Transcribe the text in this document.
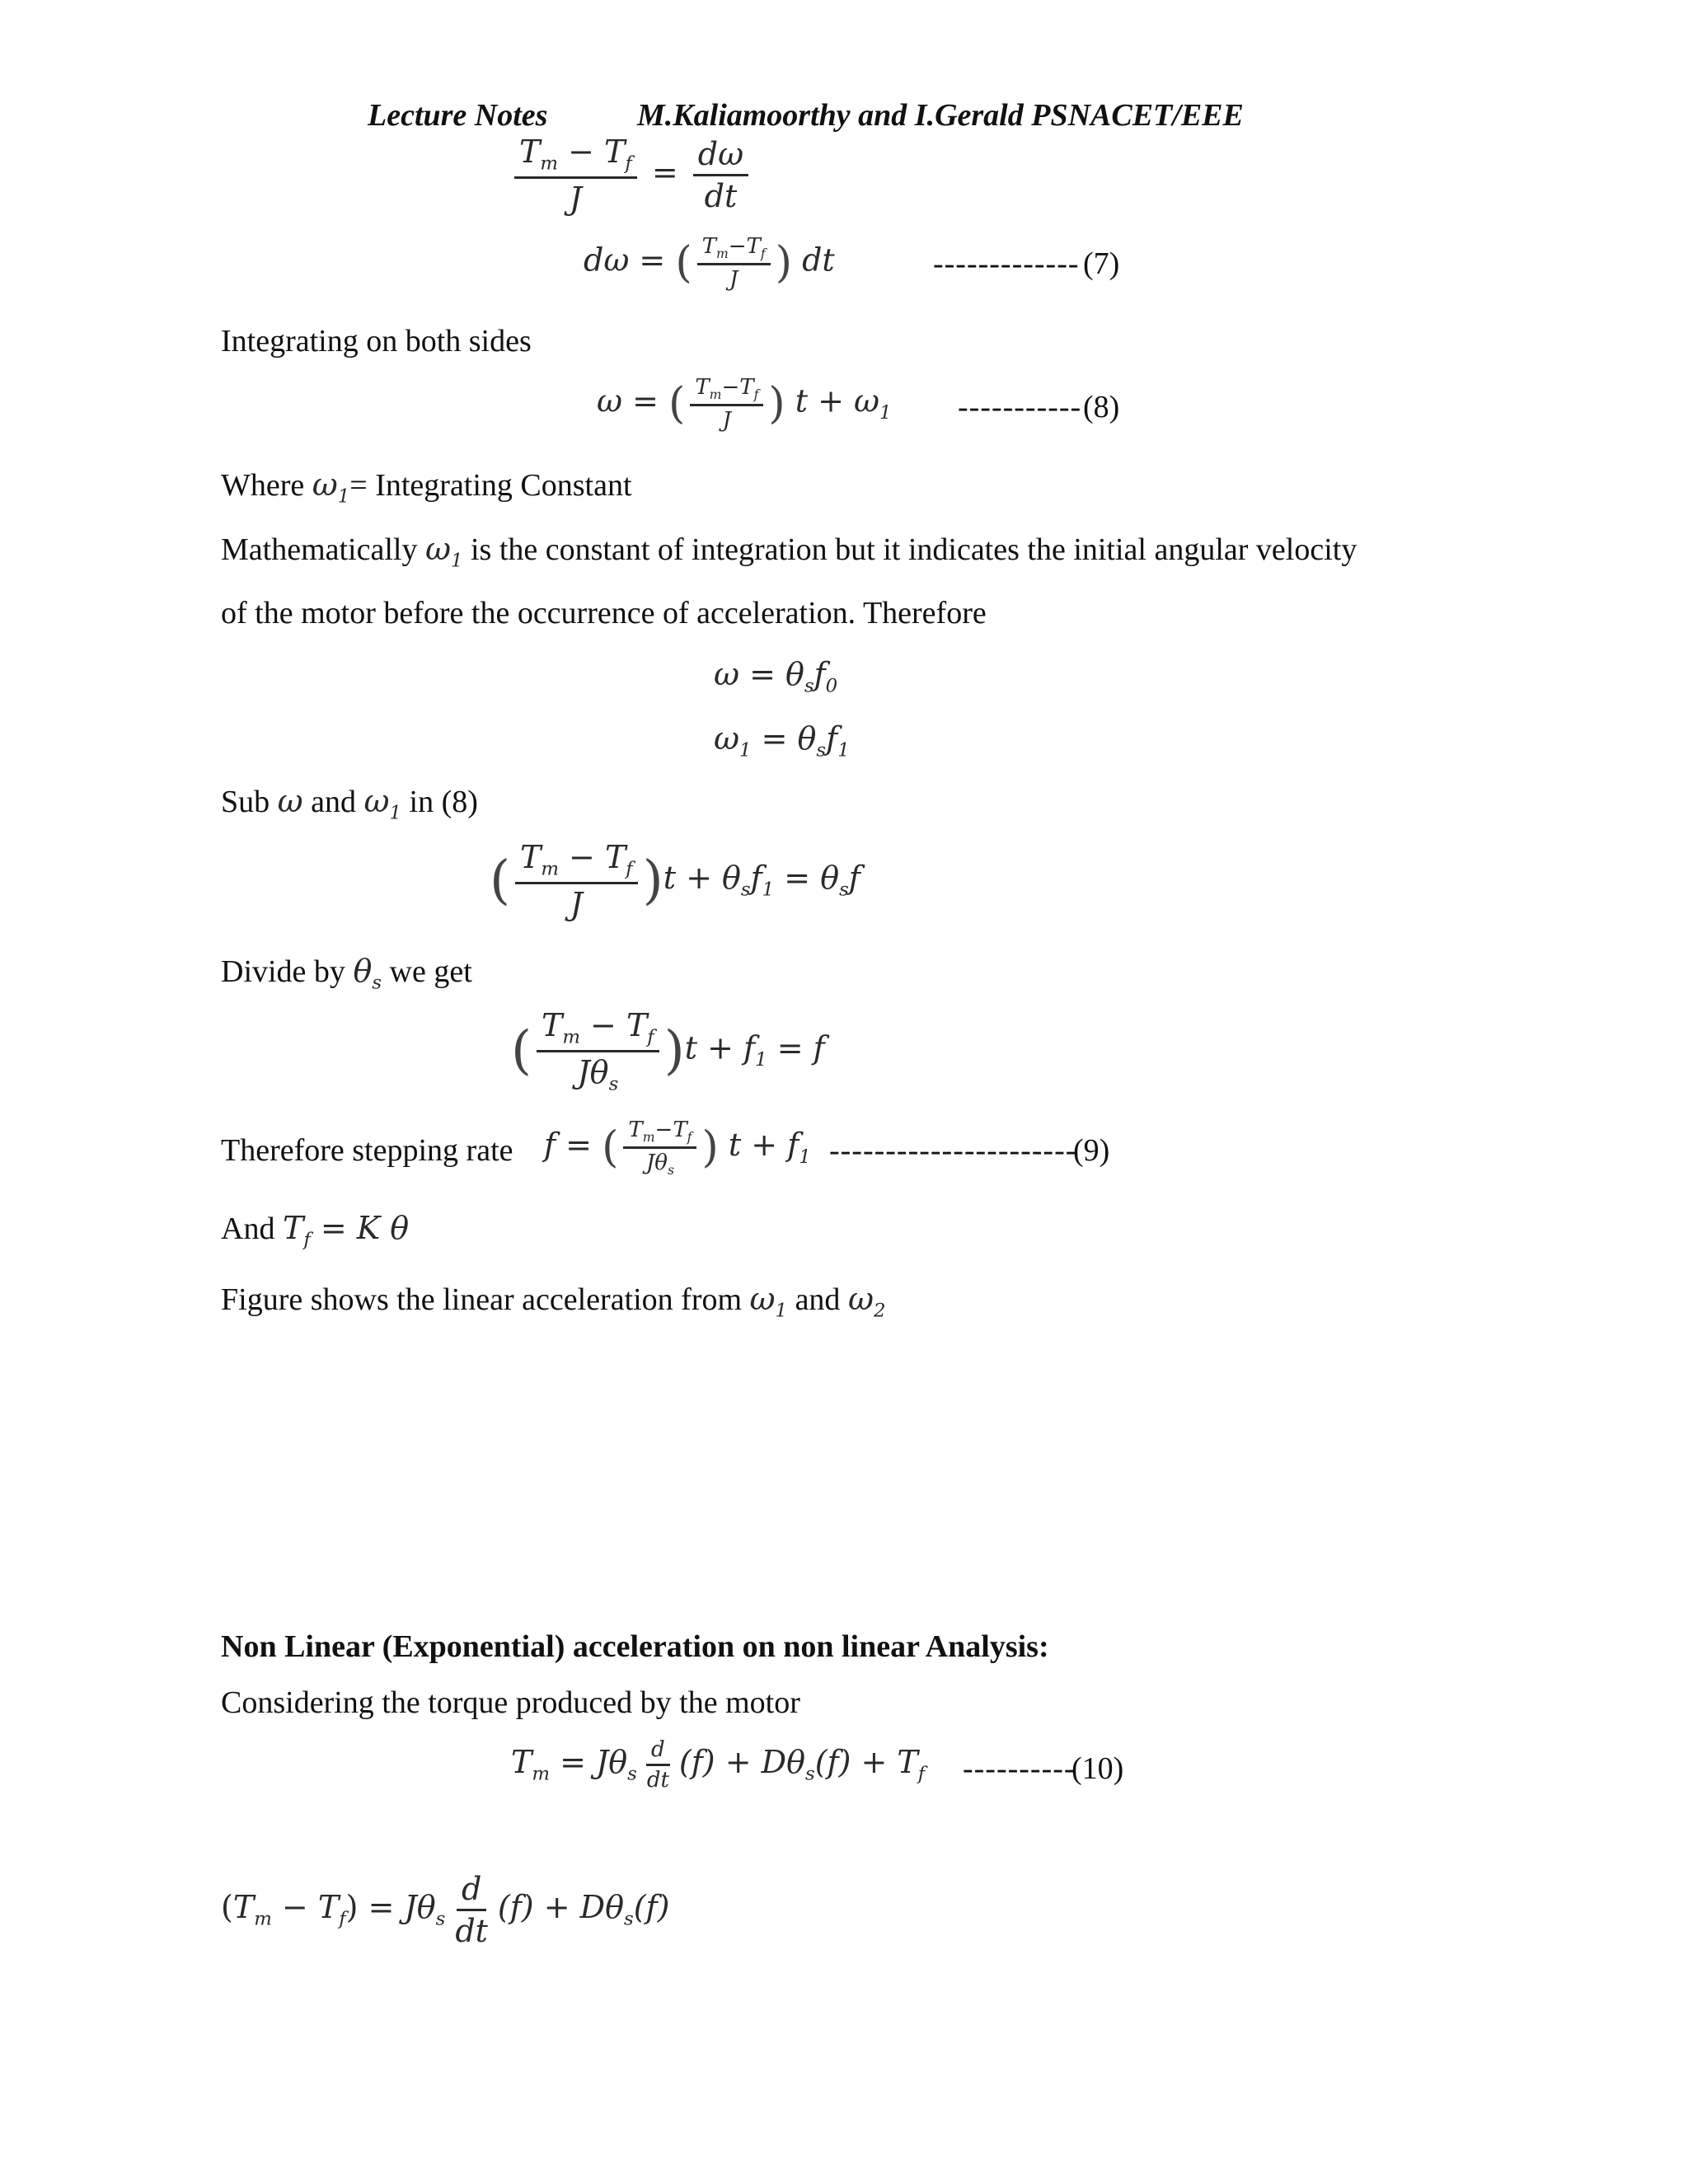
Lecture Notes	M.Kaliamoorthy and I.Gerald PSNACET/EEE
$\frac{T_m - T_f}{J} = \frac{d\omega}{dt}$
dω = ( $\frac{T_m-T_f}{J}$ ) dt	------------- (7)
Integrating on both sides
ω = ( $\frac{T_m-T_f}{J}$ ) $t + \omega_1$ ----------- (8)
Where $\omega_1=$ Integrating Constant
Mathematically $\omega_1$ is the constant of integration but it indicates the initial angular velocity
of the motor before the occurrence of acceleration. Therefore
$\omega = \theta_sf_0$
$\omega_1 = \theta_sf_1$
Sub ω and $\omega_1$ in (8)
( $\frac{T_m - T_f}{J} )t + \theta_sf_1 = \theta_sf$
Divide by $\theta_s$ we get
( $\frac{T_m - T_f}{J\theta_s} )t + f_1 = f$
Therefore stepping rate f = ( $\frac{T_m-T_f}{J\theta_s}$ ) $t + f_1$ ----------------------
(9)
And $T_f = K$ θ
Figure shows the linear acceleration from $\omega_1$ and $\omega_2$
Non Linear (Exponential) acceleration on non linear Analysis:
Considering the torque produced by the motor
$T_m = J\theta_s \frac{d}{dt} (f) + D\theta_s(f) + T_f$ ----------
(10)
$(T_m - T_f) = J\theta_s \frac{d}{dt} (f) + D\theta_s(f)$
